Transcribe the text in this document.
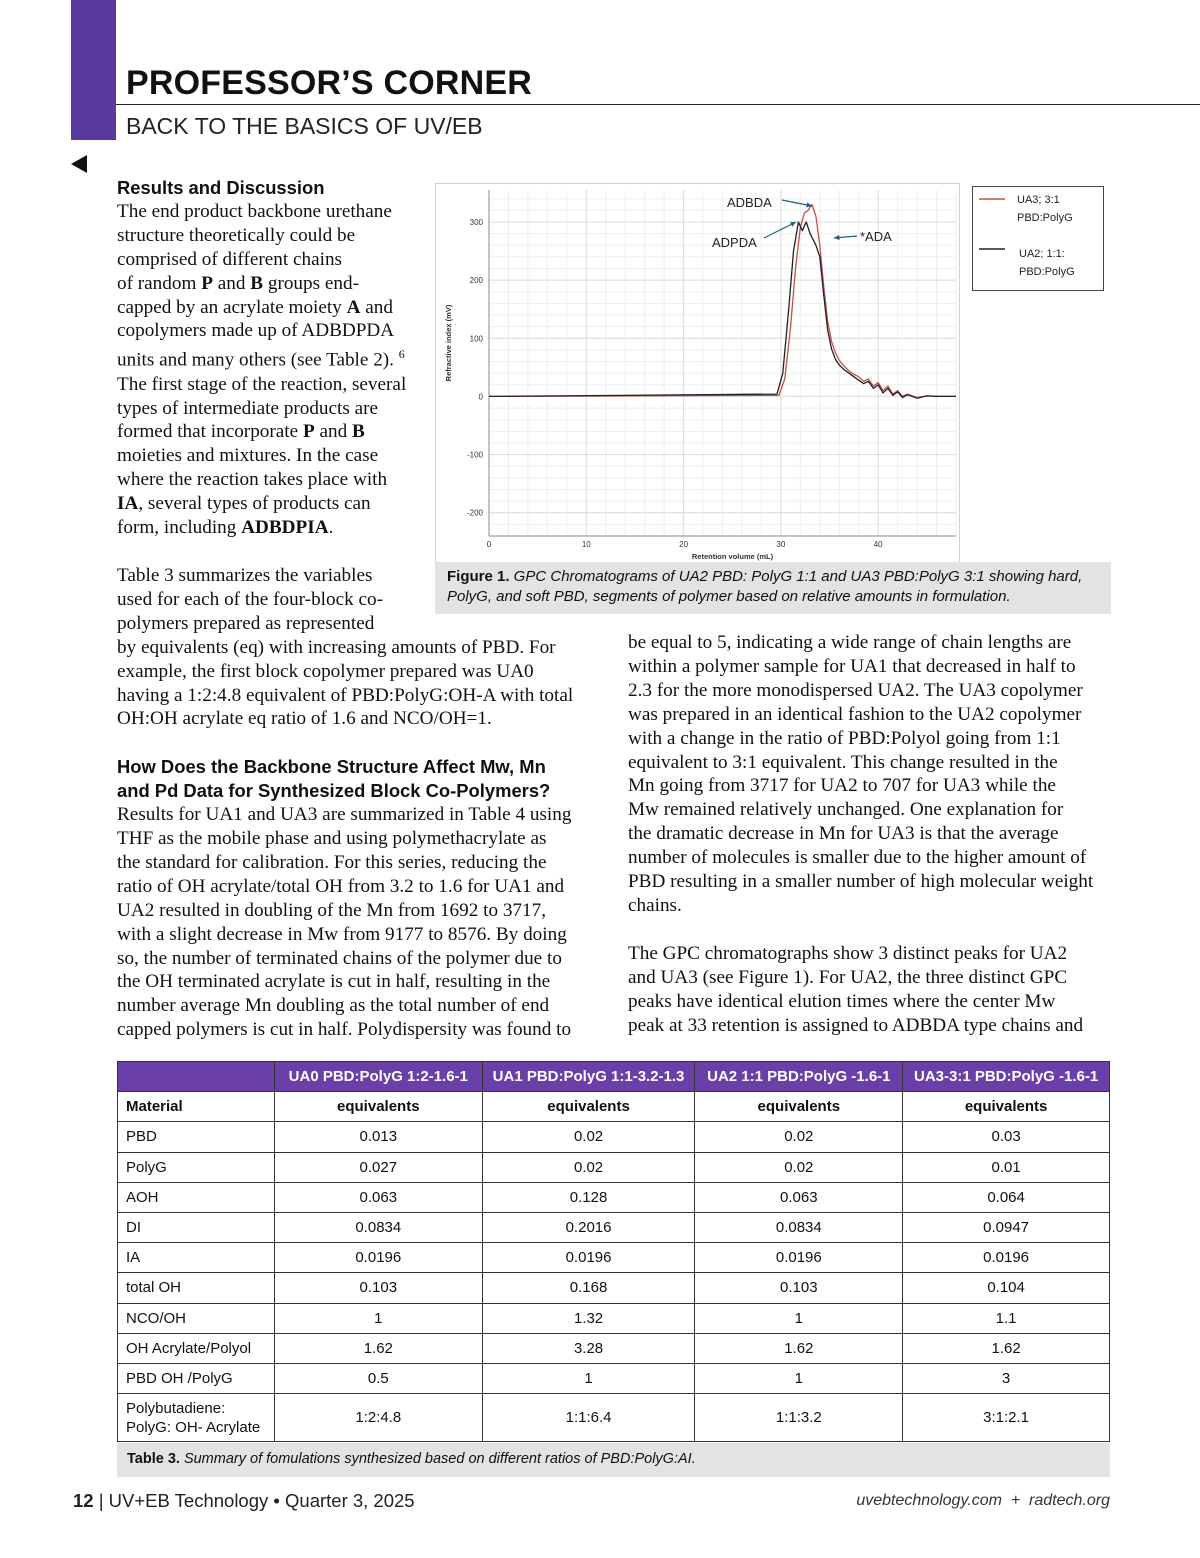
PROFESSOR’S CORNER
BACK TO THE BASICS OF UV/EB

Results and Discussion

The end product backbone urethane
structure theoretically could be
comprised of different chains
of random P and B groups end-
capped by an acrylate moiety A and
copolymers made up of ADBDPDA
units and many others (see Table 2). $^6$
The first stage of the reaction, several
types of intermediate products are
formed that incorporate P and B
moieties and mixtures. In the case
where the reaction takes place with
IA, several types of products can
form, including ADBDPIA.
Table 3 summarizes the variables
used for each of the four-block co-
polymers prepared as represented
by equivalents (eq) with increasing amounts of PBD. For
example, the first block copolymer prepared was UA0
having a 1:2:4.8 equivalent of PBD:PolyG:OH-A with total
OH:OH acrylate eq ratio of 1.6 and NCO/OH=1.
How Does the Backbone Structure Affect Mw, Mn
and Pd Data for Synthesized Block Co-Polymers?
Results for UA1 and UA3 are summarized in Table 4 using
THF as the mobile phase and using polymethacrylate as
the standard for calibration. For this series, reducing the
ratio of OH acrylate/total OH from 3.2 to 1.6 for UA1 and
UA2 resulted in doubling of the Mn from 1692 to 3717,
with a slight decrease in Mw from 9177 to 8576. By doing
so, the number of terminated chains of the polymer due to
the OH terminated acrylate is cut in half, resulting in the
number average Mn doubling as the total number of end
capped polymers is cut in half. Polydispersity was found to
be equal to 5, indicating a wide range of chain lengths are
within a polymer sample for UA1 that decreased in half to
2.3 for the more monodispersed UA2. The UA3 copolymer
was prepared in an identical fashion to the UA2 copolymer
with a change in the ratio of PBD:Polyol going from 1:1
equivalent to 3:1 equivalent. This change resulted in the
Mn going from 3717 for UA2 to 707 for UA3 while the
Mw remained relatively unchanged. One explanation for
the dramatic decrease in Mn for UA3 is that the average
number of molecules is smaller due to the higher amount of
PBD resulting in a smaller number of high molecular weight
chains.
The GPC chromatographs show 3 distinct peaks for UA2
and UA3 (see Figure 1). For UA2, the three distinct GPC
peaks have identical elution times where the center Mw
peak at 33 retention is assigned to ADBDA type chains and
300
200
100
0
-100
-200
0	10	20	30	40
Retention volume (mL)
Refractive index (mV)
ADBDA
ADPDA	*ADA
UA3; 3:1
PBD:PolyG
UA2; 1:1:
PBD:PolyG
Figure 1. GPC Chromatograms of UA2 PBD: PolyG 1:1 and UA3 PBD:PolyG 3:1 showing hard, PolyG, and soft PBD, segments of polymer based on relative amounts in formulation.
	UA0 PBD:PolyG 1:2-1.6-1	UA1 PBD:PolyG 1:1-3.2-1.3	UA2 1:1 PBD:PolyG -1.6-1	UA3-3:1 PBD:PolyG -1.6-1
Material	equivalents	equivalents	equivalents	equivalents
PBD	0.013	0.02	0.02	0.03
PolyG	0.027	0.02	0.02	0.01
AOH	0.063	0.128	0.063	0.064
DI	0.0834	0.2016	0.0834	0.0947
IA	0.0196	0.0196	0.0196	0.0196
total OH	0.103	0.168	0.103	0.104
NCO/OH	1	1.32	1	1.1
OH Acrylate/Polyol	1.62	3.28	1.62	1.62
PBD OH /PolyG	0.5	1	1	3

Polybutadiene:
PolyG: OH- Acrylate	1:2:4.8	1:1:6.4	1:1:3.2	3:1:2.1
Table 3. Summary of fomulations synthesized based on different ratios of PBD:PolyG:AI.
12 | UV+EB Technology • Quarter 3, 2025	uvebtechnology.com  +  radtech.org
